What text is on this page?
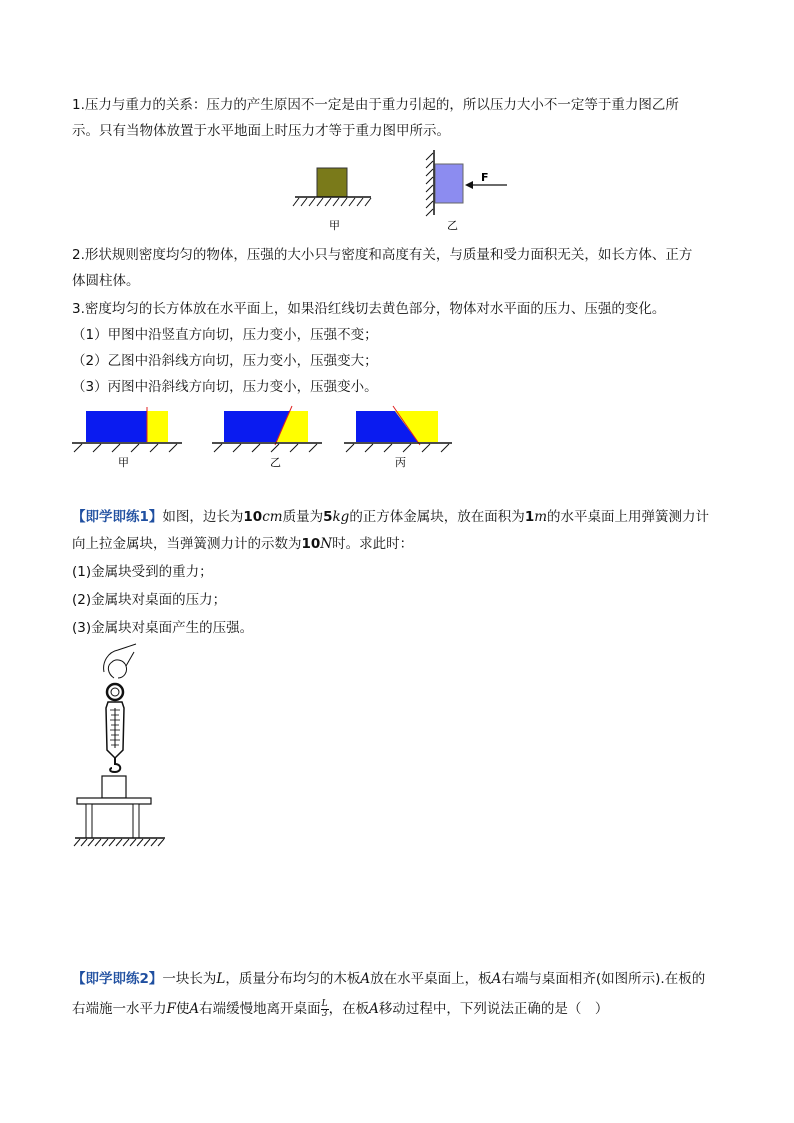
1.压力与重力的关系：压力的产生原因不一定是由于重力引起的，所以压力大小不一定等于重力图乙所

示。只有当物体放置于水平地面上时压力才等于重力图甲所示。

甲
F
乙

2.形状规则密度均匀的物体，压强的大小只与密度和高度有关，与质量和受力面积无关，如长方体、正方

体圆柱体。

3.密度均匀的长方体放在水平面上，如果沿红线切去黄色部分，物体对水平面的压力、压强的变化。

（1）甲图中沿竖直方向切，压力变小，压强不变；

（2）乙图中沿斜线方向切，压力变小，压强变大；

（3）丙图中沿斜线方向切，压力变小，压强变小。

甲	乙	丙

【即学即练1】如图，边长为10cm质量为5kg的正方体金属块，放在面积为1m的水平桌面上用弹簧测力计

向上拉金属块，当弹簧测力计的示数为10N时。求此时：

(1)金属块受到的重力；

(2)金属块对桌面的压力；

(3)金属块对桌面产生的压强。

【即学即练2】一块长为L，质量分布均匀的木板A放在水平桌面上，板A右端与桌面相齐(如图所示).在板的

右端施一水平力F使A右端缓慢地离开桌面 $\frac{L}{3}$ ，在板A移动过程中，下列说法正确的是（　）
